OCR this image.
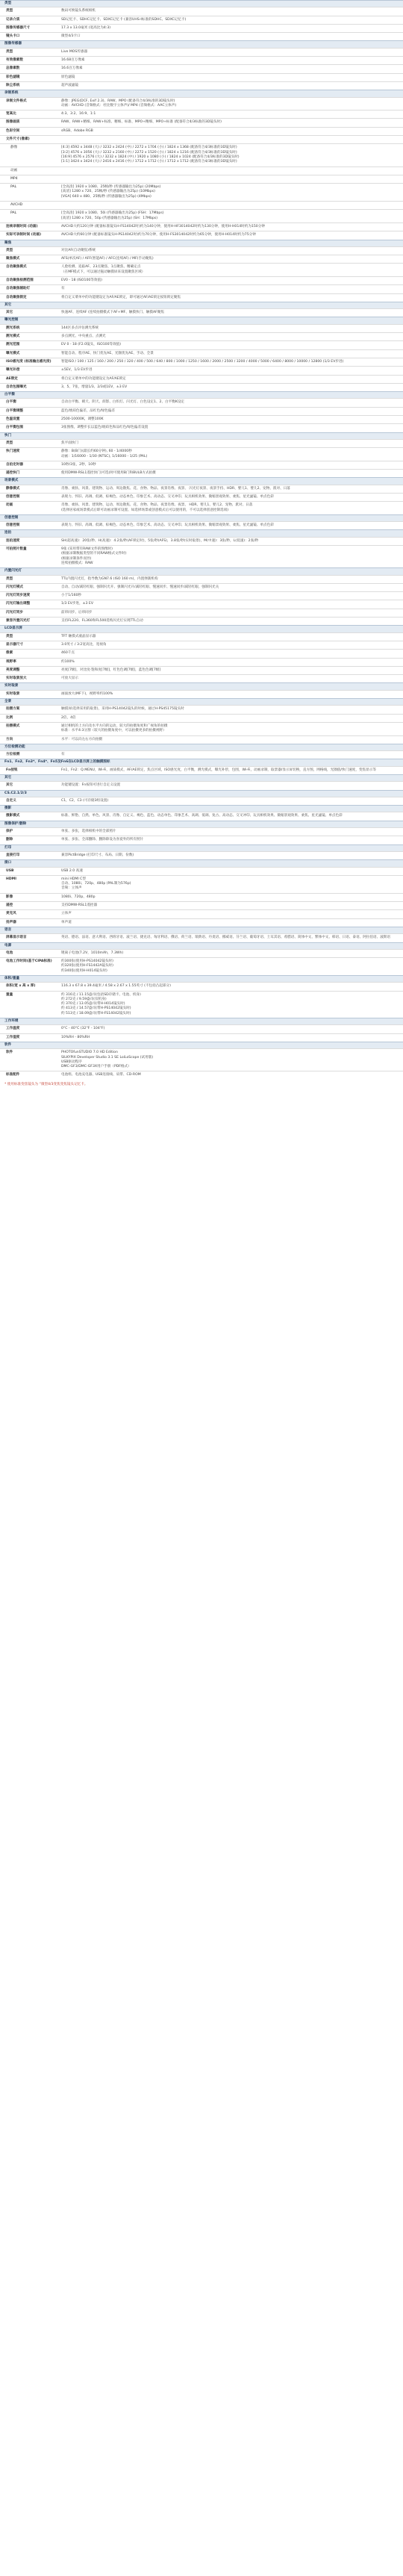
类型
类型	数码可换镜头系统相机
记录介质	SD记忆卡、SDHC记忆卡、SDXC记忆卡 (兼容UHS-I标准的SDHC、SDXC记忆卡)
图像传感器尺寸	17.3 x 13.0毫米 (宽高比为4:3)
镜头卡口	微型4/3卡口
图像传感器
类型	Live MOS传感器
有效像素数	16.68百万像素
总像素数	16.6百万像素
彩色滤镜	原色滤镜
除尘系统	超声波滤镜
录制系统
录制文件格式	静像：JPEG(DCF, Exif 2.3)、RAW、MPO (配备符合4/3标准的3D镜头时)
动画：AVCHD (音频格式：杜比数字立体声)/ MP4 (音频格式：AAC立体声)
宽高比	4:3、3:2、16:9、1:1
图像画质	RAW、RAW+精细、RAW+标准、精细、标准、MPO+精细、MPO+标准 (配备符合4/3标准的3D镜头时)
色彩空间	sRGB、Adobe RGB
文件尺寸(像素)
静像	[4:3] 4592 x 3448 (大) / 3232 x 2424 (中) / 2272 x 1704 (小) / 1824 x 1368 (配备符合4/3标准的3D镜头时)
[3:2] 4576 x 3056 (大) / 3232 x 2160 (中) / 2272 x 1520 (小) / 1824 x 1216 (配备符合4/3标准的3D镜头时)
[16:9] 4576 x 2576 (大) / 3232 x 1824 (中) / 1920 x 1080 (小) / 1824 x 1024 (配备符合4/3标准的3D镜头时)
[1:1] 3424 x 3424 (大) / 2416 x 2416 (中) / 1712 x 1712 (小) / 1712 x 1712 (配备符合4/3标准的3D镜头时)
动画
MP4
PAL	[全高清] 1920 x 1080、25帧/秒 (传感器输出为25p) (20Mbps)
[高清] 1280 x 720、25帧/秒 (传感器输出为25p) (10Mbps)
[VGA] 640 x 480、25帧/秒 (传感器输出为25p) (4Mbps)
AVCHD
PAL	[全高清] 1920 x 1080、50i (传感器输出为25p) (FSH：17Mbps)
[高清] 1280 x 720、50p (传感器输出为25p) (SH：17Mbps)
连续录制时间 (动画)	AVCHD大约120分钟 (配备标准镜头H-FS14042时)约为140分钟，使用H-HF3014042时约为130分钟，使用H-H014时约为150分钟
实际可录制时间 (动画)	AVCHD大约60分钟 (配备标准镜头H-PS14042时)约为70分钟，使用H-FS3014042时约为65分钟，使用H-H014时约为75分钟
聚焦
类型	对比AF(自动聚焦)系统
聚焦模式	AFS(单次AF) / AFF(智能AF) / AFC(连续AF) / MF(手动聚焦)
自动聚焦模式	人脸检测、追踪AF、23点聚焦、1点聚焦、精确定点
（在MF模式下，可以通过拖动触摸屏来设置聚焦区域）
自动聚焦检测范围	EV0 - 18 (ISO100等效值)
自动聚焦辅助灯	有
自动聚焦锁定	将自定义菜单中的功能键设定为AF/AE锁定，即可通过AF/AE锁定按钮锁定聚焦
其它
其它	快速AF、连续AF (连续拍摄模式下AF+MF、触摸快门、触摸AF聚焦
曝光控制
测光系统	144区多点评估测光系统
测光模式	多点测光、中央重点、点测光
测光范围	EV 0 - 18 (F2.0镜头，ISO100等效值)
曝光模式	智能自动、程序AE、快门优先AE、光圈优先AE、手动、全景
ISO感光度 (标准输出感光度)	智能ISO / 100 / 125 / 160 / 200 / 250 / 320 / 400 / 500 / 640 / 800 / 1000 / 1250 / 1600 / 2000 / 2500 / 3200 / 4000 / 5000 / 6400 / 8000 / 10000 / 12800 (1/3 EV步进)
曝光补偿	±5EV，1/3 EV步进
AE锁定	将自定义菜单中的功能键设定为AF/AE锁定
自动包围曝光	3、5、7张，增量1/3、2/3或1EV，±3 EV
白平衡
白平衡	自动白平衡、晴天、阴天、荫影、白炽灯、闪光灯、白色设定1、2、白平衡K设定
白平衡调整	蓝色/琥珀色偏差，品红色/绿色偏差
色温设置	2500-10000K，调整100K
白平衡包围	3张图像，调整步长以蓝色/琥珀色和品红色/绿色偏差设置
快门
类型	焦平面快门
快门速度	静像：B(B门)(最长约60分钟), 60 - 1/4000秒
动画：1/16000 - 1/30 (NTSC), 1/16000 - 1/25 (PAL)
自拍定时器	10秒/3张，2秒，10秒
遥控快门	使用DMW-RSL1遥控快门(可选)时可使用B门和BULB方式拍摄
场景模式
静像模式	肖像、柔肤、风景、建筑物、运动、周边散焦、花、食物、物品、夜景肖像、夜景、 闪光灯夜景、夜景手持、HDR、婴儿1、婴儿2、宠物、派对、日落
创意控制	表现力、怀旧、高调、低调、棕褐色、动态单色、印象艺术、高动态、交叉冲印、玩具相机效果、微缩景观效果、柔焦、星光滤镜、单点色彩
动画	肖像、柔肤、风景、建筑物、运动、周边散焦、花、食物、物品、夜景肖像、夜景、 HDR、婴儿1、婴儿2、宠物、派对、日落
(选择居家或场景模式后即可动画录制可设置、如选择场景或创意模式后可以使用的，不可以选择创意控制选项)
创意控制
创意控制	表现力、怀旧、高调、低调、棕褐色、动态单色、印象艺术、高动态、交叉冲印、玩具相机效果、微缩景观效果、柔焦、星光滤镜、单点色彩
连拍
连拍速度	SH(超高速)：20张/秒、H(高速)：4.2张/秒(AF锁定时)，5张/秒(AFS)，3.8张/秒(实时取景)，M(中速)：3张/秒，L(低速)：2张/秒
可拍照片数量	9张 (采用带有RAW文件的图像时)
(根据录制数据类型的不同RAW格式文件时)
(根据录制条件而异)
连续拍摄模式：RAW
内置闪光灯
类型	TTL内置闪光灯，指导数为GN7.6 (ISO 160 m)，内置弹簧机构
闪光灯模式	自动、自动/减轻红眼、强制闪光开、强制闪光开/减轻红眼、慢速同步、慢速同步/减轻红眼、强制闪光关
闪光灯同步速度	小于1/160秒
闪光灯输出调整	1/3 EV步进，±3 EV
闪光灯同步	前帘同步、后帘同步
兼容外置闪光灯	支持FL220、FL360和FL500选购闪光灯实现TTL自动
LCD显示屏
类型	TFT 触摸式液晶显示器
显示器尺寸	3.0英寸 / 3:2宽高比，宽视角
像素	460千点
视野率	约100%
亮度调整	亮度[7级]，对比度·饱和度[7级]，红色色调[7级]，蓝色色调[7级]
实时取景放大	可放大显示
实时取景
实时取景	画面放大(MF下)，视野率约100%
全景
拍摄方案	触摸屏(选择采用的取景)，采用H-PS14042镜头的时候，通过H-PS45175镜头时
比例	2倍，4倍
拍摄模式	通过相机的上方向及水平方向的运动，较大的拍摄角度和广视角的拍摄
标准：水平4:3分割（较大的拍摄角度中，可以拍摄更多的拍摄视野）
方向	水平：可以向左右方向拍摄
方位检测功能
方位检测	有
Fn1、Fn2、Fn3*、Fn4*、Fn5及Fn6在LCD显示屏上的触摸图标
Fn按钮	Fn1，Fn2：Q.MENU，Wi-Fi，画质模式，AF/AE锁定，焦点区域，ISO感光度，白平衡，测光模式，曝光补偿，包围，Wi-Fi，动画录制，取景器/显示屏切换，直方图，网格线，光圈值/快门速度，变焦显示等
其它
其它	功能键设置：Fn按钮可进行自定义设置
CS.C2.1/2/3
自定义	C1，C2，C3 (可存储3组设置)
摄影
摄影模式	标准、鲜艳、自然、单色、风景、肖像、自定义、褐色、蓝色、动态单色、印象艺术、高调、低调、复古、高动态、交叉冲印、玩具相机效果、微缩景观效果、柔焦、星光滤镜、单点色彩
图像保护/删除
保护	单张、多张，选择相机中的全部照片
删除	单张、多张、全部删除、删除除设为喜爱外的所有照片
打印
直接打印	兼容PictBridge (打印尺寸、布局、日期、份数)
接口
USB	USB 2.0 高速
HDMI	mini HDMI C型
自动、1080i、720p、480p (PAL制为576p)
音频：立体声
影像	1080i、720p、480p
遥控	支持DMW-RSL1遥控器
麦克风	立体声
扬声器	单声道
语言
屏幕显示语言	英语、德语、法语、意大利语、西班牙语、波兰语、捷克语、匈牙利语、俄语、荷兰语、瑞典语、丹麦语、挪威语、芬兰语、葡萄牙语、土耳其语、希腊语、简体中文、繁体中文、韩语、日语、泰语、阿拉伯语、波斯语
电源
电池	锂离子电池(7.2V，1010mAh，7.3Wh)
电池工作时间(基于CIPA标准)	约300张(使用H-PS14042镜头时)
约320张(使用H-FS1442A镜头时)
约340张(使用H-H014镜头时)
体积/重量
体积(宽 x 高 x 厚)	116.3 x 67.8 x 39.4毫米 / 4.58 x 2.67 x 1.55英寸 (不包括凸起部分)
重量	约 316克 / 11.15盎司(包括SD存储卡、电池、机身)
约 272克 / 9.59盎司(仅机身)
约 370克 / 13.05盎司(带H-H014镜头时)
约 413克 / 14.57盎司(带H-PS14042镜头时)
约 513克 / 18.09盎司(带H-FS14042镜头时)
工作环境
工作温度	0°C - 40°C (32°F - 104°F)
工作湿度	10%RH - 80%RH
软件
软件	PHOTOfunSTUDIO 7.0 HD Edition
SILKYPIX Developer Studio 3.1 SE LoiLoScope (试用版)
USB驱动程序
DMC-GF3/DMC-GF3X用户手册（PDF格式）
标准配件	电池组、电池充电器、USB连接线、肩带、CD-ROM
* 使用标准变焦镜头为 “微型4/3变焦变焦镜头记忆卡。
